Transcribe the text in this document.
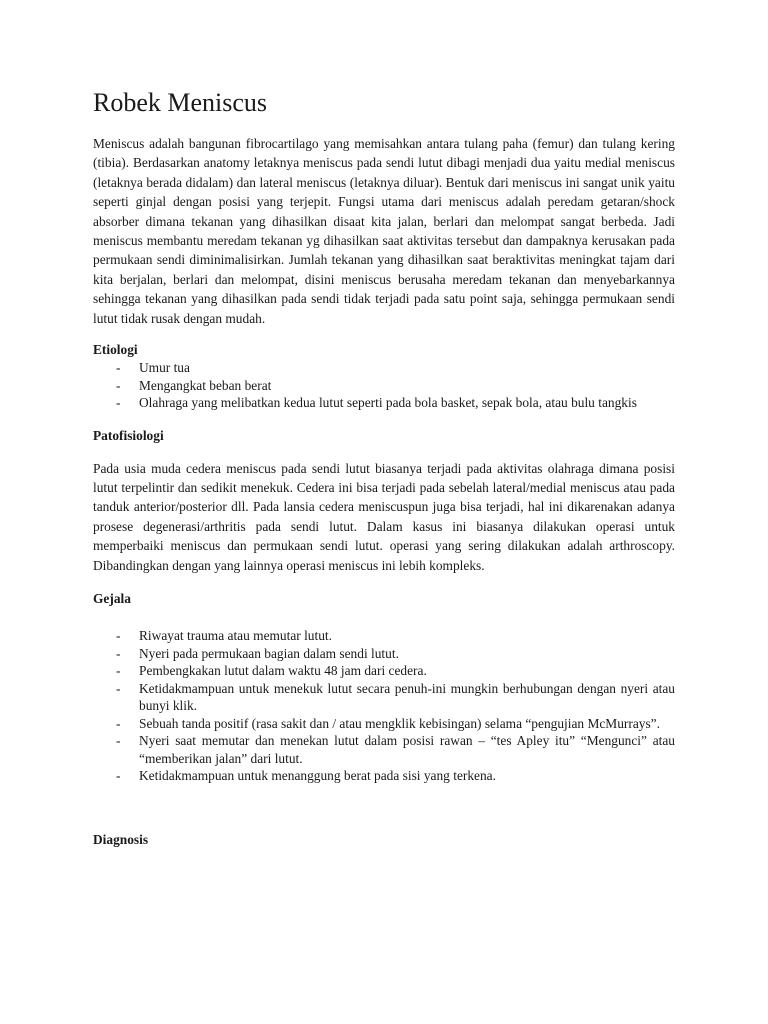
Robek Meniscus

Meniscus adalah bangunan fibrocartilago yang memisahkan antara tulang paha (femur) dan tulang kering (tibia). Berdasarkan anatomy letaknya meniscus pada sendi lutut dibagi menjadi dua yaitu medial meniscus (letaknya berada didalam) dan lateral meniscus (letaknya diluar). Bentuk dari meniscus ini sangat unik yaitu seperti ginjal dengan posisi yang terjepit. Fungsi utama dari meniscus adalah peredam getaran/shock absorber dimana tekanan yang dihasilkan disaat kita jalan, berlari dan melompat sangat berbeda. Jadi meniscus membantu meredam tekanan yg dihasilkan saat aktivitas tersebut dan dampaknya kerusakan pada permukaan sendi diminimalisirkan. Jumlah tekanan yang dihasilkan saat beraktivitas meningkat tajam dari kita berjalan, berlari dan melompat, disini meniscus berusaha meredam tekanan dan menyebarkannya sehingga tekanan yang dihasilkan pada sendi tidak terjadi pada satu point saja, sehingga permukaan sendi lutut tidak rusak dengan mudah.

Etiologi
- Umur tua
- Mengangkat beban berat
- Olahraga yang melibatkan kedua lutut seperti pada bola basket, sepak bola, atau bulu tangkis
Patofisiologi

Pada usia muda cedera meniscus pada sendi lutut biasanya terjadi pada aktivitas olahraga dimana posisi lutut terpelintir dan sedikit menekuk. Cedera ini bisa terjadi pada sebelah lateral/medial meniscus atau pada tanduk anterior/posterior dll. Pada lansia cedera meniscuspun juga bisa terjadi, hal ini dikarenakan adanya prosese degenerasi/arthritis pada sendi lutut. Dalam kasus ini biasanya dilakukan operasi untuk memperbaiki meniscus dan permukaan sendi lutut. operasi yang sering dilakukan adalah arthroscopy. Dibandingkan dengan yang lainnya operasi meniscus ini lebih kompleks.

Gejala
- Riwayat trauma atau memutar lutut.
- Nyeri pada permukaan bagian dalam sendi lutut.
- Pembengkakan lutut dalam waktu 48 jam dari cedera.
- Ketidakmampuan untuk menekuk lutut secara penuh-ini mungkin berhubungan dengan nyeri atau bunyi klik.
- Sebuah tanda positif (rasa sakit dan / atau mengklik kebisingan) selama “pengujian McMurrays”.
- Nyeri saat memutar dan menekan lutut dalam posisi rawan – “tes Apley itu” “Mengunci” atau “memberikan jalan” dari lutut.
- Ketidakmampuan untuk menanggung berat pada sisi yang terkena.
Diagnosis
